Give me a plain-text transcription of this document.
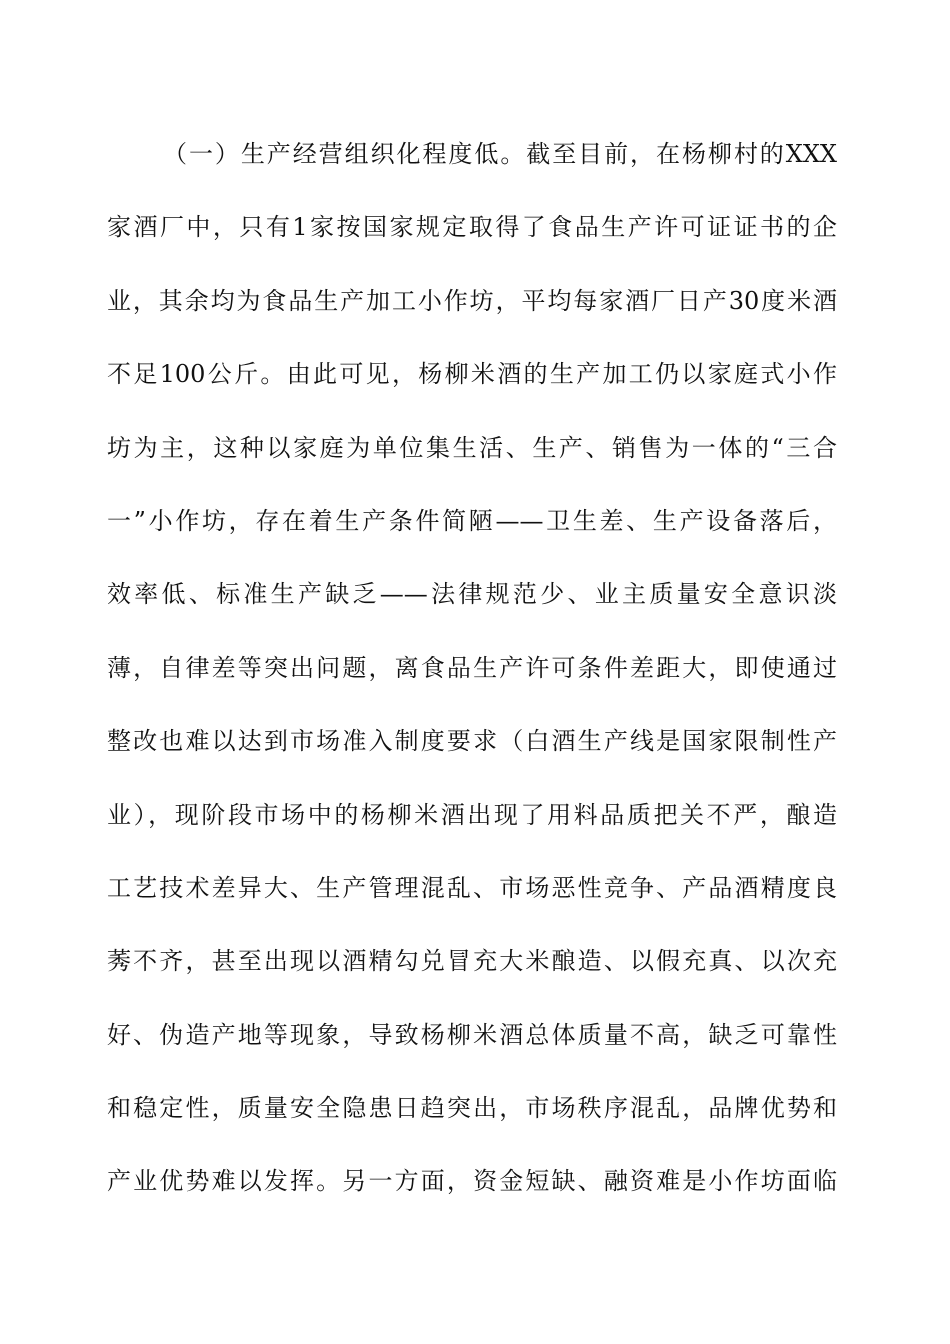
（一）生产经营组织化程度低。截至目前，在杨柳村的XXX
家酒厂中，只有1家按国家规定取得了食品生产许可证证书的企
业，其余均为食品生产加工小作坊，平均每家酒厂日产30度米酒
不足100公斤。由此可见，杨柳米酒的生产加工仍以家庭式小作
坊为主，这种以家庭为单位集生活、生产、销售为一体的“三合
一”小作坊，存在着生产条件简陋——卫生差、生产设备落后，
效率低、标准生产缺乏——法律规范少、业主质量安全意识淡
薄，自律差等突出问题，离食品生产许可条件差距大，即使通过
整改也难以达到市场准入制度要求（白酒生产线是国家限制性产
业），现阶段市场中的杨柳米酒出现了用料品质把关不严，酿造
工艺技术差异大、生产管理混乱、市场恶性竞争、产品酒精度良
莠不齐，甚至出现以酒精勾兑冒充大米酿造、以假充真、以次充
好、伪造产地等现象，导致杨柳米酒总体质量不高，缺乏可靠性
和稳定性，质量安全隐患日趋突出，市场秩序混乱，品牌优势和
产业优势难以发挥。另一方面，资金短缺、融资难是小作坊面临
